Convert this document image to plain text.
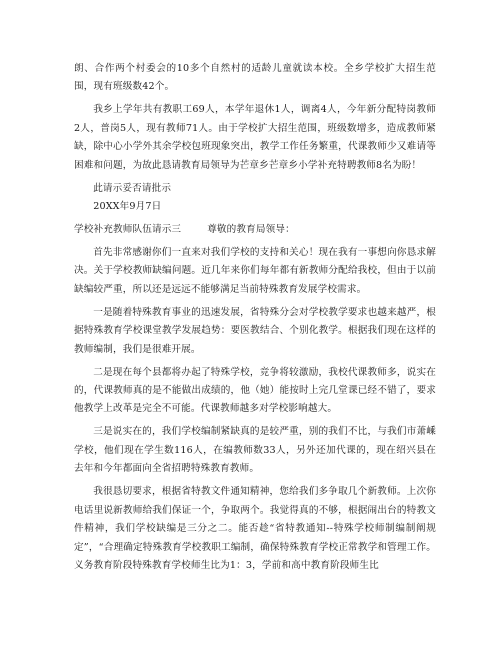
朗、合作两个村委会的10多个自然村的适龄儿童就读本校。全乡学校扩大招生范围，现有班级数42个。

我乡上学年共有教职工69人，本学年退休1人，调离4人，今年新分配特岗教师2人，普岗5人，现有教师71人。由于学校扩大招生范围，班级数增多，造成教师紧缺，除中心小学外其余学校包班现象突出，教学工作任务繁重，代课教师少又难请等困难和问题，为故此恳请教育局领导为芒章乡芒章乡小学补充特聘教师8名为盼！

此请示妥否请批示

20XX年9月7日

学校补充教师队伍请示三	尊敬的教育局领导：

首先非常感谢你们一直来对我们学校的支持和关心！现在我有一事想向你恳求解决。关于学校教师缺编问题。近几年来你们每年都有新教师分配给我校，但由于以前缺编较严重，所以还是远远不能够满足当前特殊教育发展学校需求。

一是随着特殊教育事业的迅速发展，省特殊分会对学校教学要求也越来越严，根据特殊教育学校课堂教学发展趋势：要医教结合、个别化教学。根据我们现在这样的教师编制，我们是很难开展。

二是现在每个县都将办起了特殊学校，竞争将较激励，我校代课教师多，说实在的，代课教师真的是不能做出成绩的，他（她）能按时上完几堂课已经不错了，要求他教学上改革是完全不可能。代课教师越多对学校影响越大。

三是说实在的，我们学校编制紧缺真的是较严重，别的我们不比，与我们市萧嵊学校，他们现在学生数116人，在编教师数33人，另外还加代课的，现在绍兴县在去年和今年都面向全省招聘特殊教育教师。

我很恳切要求，根据省特教文件通知精神，您给我们多争取几个新教师。上次你电话里说新教师给我们保证一个，争取两个。我觉得真的不够，根据闹出台的特教文件精神，我们学校缺编是三分之二。能否趁“省特教通知--特殊学校师制编制阐规定”，“合理确定特殊教育学校教职工编制，确保特殊教育学校正常教学和管理工作。义务教育阶段特殊教育学校师生比为1：3，学前和高中教育阶段师生比
